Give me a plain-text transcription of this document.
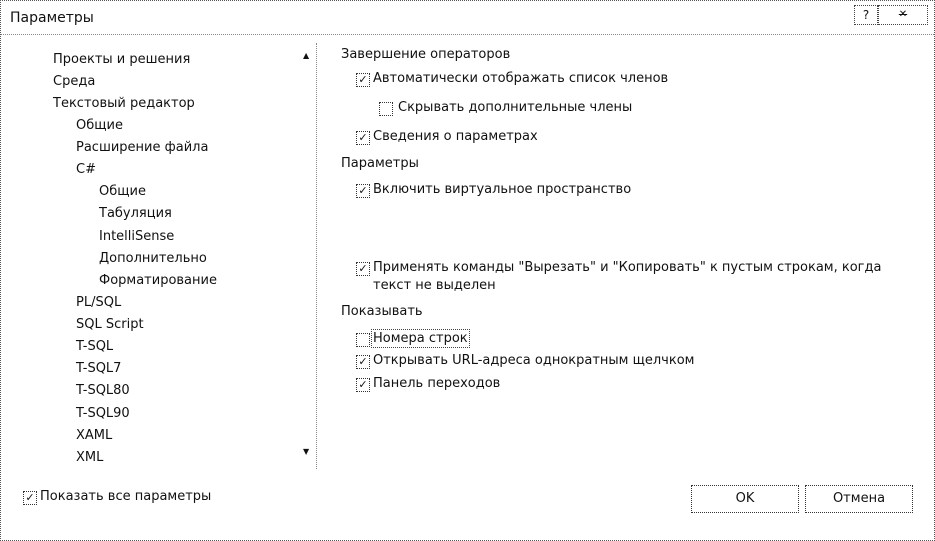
Параметры	?	✕
Проекты и решения
Среда
Текстовый редактор
Общие
Расширение файла
C#
Общие
Табуляция
IntelliSense
Дополнительно
Форматирование
PL/SQL
SQL Script
T-SQL
T-SQL7
T-SQL80
T-SQL90
XAML
XML
▲
▼
Завершение операторов
✓ Автоматически отображать список членов
Скрывать дополнительные члены
✓ Сведения о параметрах
Параметры
✓ Включить виртуальное пространство
✓ Применять команды "Вырезать" и "Копировать" к пустым строкам, когда
текст не выделен
Показывать
Номера строк
✓ Открывать URL-адреса однократным щелчком
✓ Панель переходов
✓ Показать все параметры	OK	Отмена
